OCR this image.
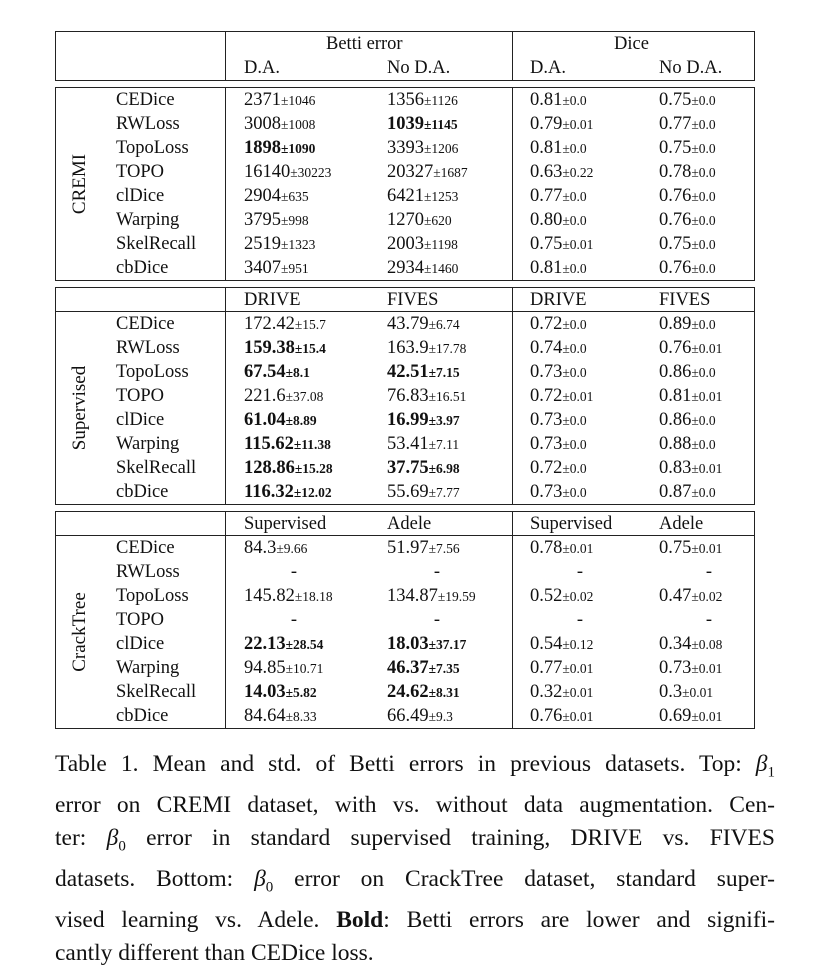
Betti error	Dice
D.A.	No D.A.	D.A.	No D.A.
CEDice	2371±1046	1356±1126	0.81±0.0	0.75±0.0
RWLoss	3008±1008	1039±1145	0.79±0.01	0.77±0.0
TopoLoss	1898±1090	3393±1206	0.81±0.0	0.75±0.0
TOPO	16140±30223	20327±1687	0.63±0.22	0.78±0.0
clDice	2904±635	6421±1253	0.77±0.0	0.76±0.0
Warping	3795±998	1270±620	0.80±0.0	0.76±0.0
SkelRecall	2519±1323	2003±1198	0.75±0.01	0.75±0.0
cbDice	3407±951	2934±1460	0.81±0.0	0.76±0.0
CREMI
DRIVE	FIVES	DRIVE	FIVES
CEDice	172.42±15.7	43.79±6.74	0.72±0.0	0.89±0.0
RWLoss	159.38±15.4	163.9±17.78	0.74±0.0	0.76±0.01
TopoLoss	67.54±8.1	42.51±7.15	0.73±0.0	0.86±0.0
TOPO	221.6±37.08	76.83±16.51	0.72±0.01	0.81±0.01
clDice	61.04±8.89	16.99±3.97	0.73±0.0	0.86±0.0
Warping	115.62±11.38	53.41±7.11	0.73±0.0	0.88±0.0
SkelRecall	128.86±15.28	37.75±6.98	0.72±0.0	0.83±0.01
cbDice	116.32±12.02	55.69±7.77	0.73±0.0	0.87±0.0
Supervised
Supervised	Adele	Supervised	Adele
CEDice	84.3±9.66	51.97±7.56	0.78±0.01	0.75±0.01
RWLoss	-	-	-	-
TopoLoss	145.82±18.18	134.87±19.59	0.52±0.02	0.47±0.02
TOPO	-	-	-	-
clDice	22.13±28.54	18.03±37.17	0.54±0.12	0.34±0.08
Warping	94.85±10.71	46.37±7.35	0.77±0.01	0.73±0.01
SkelRecall	14.03±5.82	24.62±8.31	0.32±0.01	0.3±0.01
cbDice	84.64±8.33	66.49±9.3	0.76±0.01	0.69±0.01
CrackTree
Table 1. Mean and std. of Betti errors in previous datasets. Top: $\beta_1$
error on CREMI dataset, with vs. without data augmentation. Cen-
ter: $\beta_0$ error in standard supervised training, DRIVE vs. FIVES
datasets. Bottom: $\beta_0$ error on CrackTree dataset, standard super-
vised learning vs. Adele. Bold: Betti errors are lower and signifi-
cantly different than CEDice loss.
